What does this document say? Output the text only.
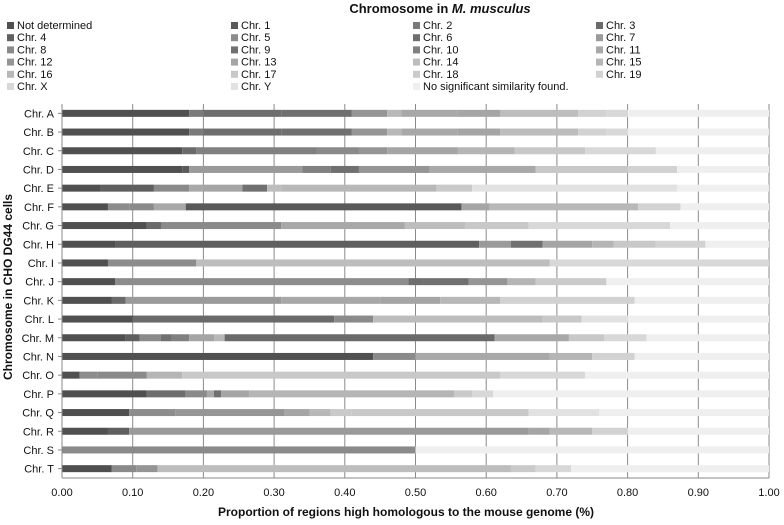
Chromosome in M. musculus
Not determined	Chr. 1	Chr. 2	Chr. 3
Chr. 4	Chr. 5	Chr. 6	Chr. 7
Chr. 8	Chr. 9	Chr. 10	Chr. 11
Chr. 12	Chr. 13	Chr. 14	Chr. 15
Chr. 16	Chr. 17	Chr. 18	Chr. 19
Chr. X	Chr. Y	No significant similarity found.
Chr. A
Chr. B
Chr. C
Chr. D
Chr. E
Chr. F
Chr. G
Chr. H
Chr. I
Chr. J
Chr. K
Chr. L
Chr. M
Chr. N
Chr. O
Chr. P
Chr. Q
Chr. R
Chr. S
Chr. T
0.00	0.10	0.20	0.30	0.40	0.50	0.60	0.70	0.80	0.90	1.00
Proportion of regions high homologous to the mouse genome (%)
Chromosome in CHO DG44 cells
